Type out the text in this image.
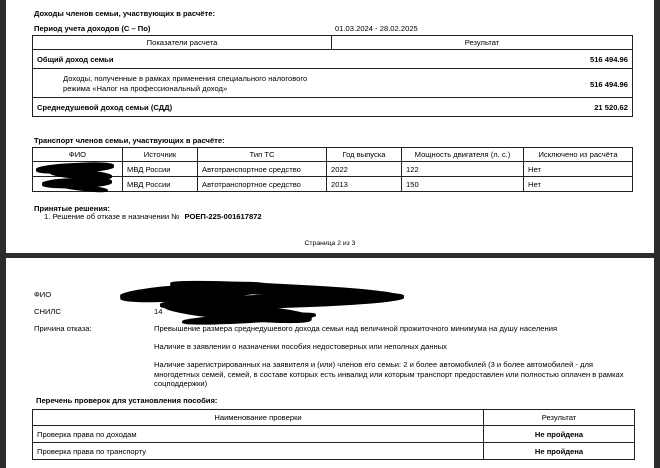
Доходы членов семьи, участвующих в расчёте:
Период учета доходов (С – По)	01.03.2024 - 28.02.2025
Показатели расчета	Результат
Общий доход семьи	516 494.96
Доходы, полученные в рамках применения специального налогового режима «Налог на профессиональный доход»	516 494.96
Среднедушевой доход семьи (СДД)	21 520.62
Транспорт членов семьи, участвующих в расчёте:
ФИО	Источник	Тип ТС	Год выпуска	Мощность двигателя (л. с.)	Исключено из расчёта
МВД России	Автотранспортное средство	2022	122	Нет
МВД России	Автотранспортное средство	2013	150	Нет
Принятые решения:
1. Решение об отказе в назначении № РОЕП-225-001617872
Страница 2 из 3
ФИО
СНИЛС	14
Причина отказа:	Превышение размера среднедушевого дохода семьи над величиной прожиточного минимума на душу населения
Наличие в заявлении о назначении пособия недостоверных или неполных данных
Наличие зарегистрированных на заявителя и (или) членов его семьи: 2 и более автомобилей (3 и более автомобилей - для многодетных семей, семей, в составе которых есть инвалид или которым транспорт предоставлен или полностью оплачен в рамках соцподдержки)
Перечень проверок для установления пособия:
Наименование проверки	Результат
Проверка права по доходам	Не пройдена
Проверка права по транспорту	Не пройдена
